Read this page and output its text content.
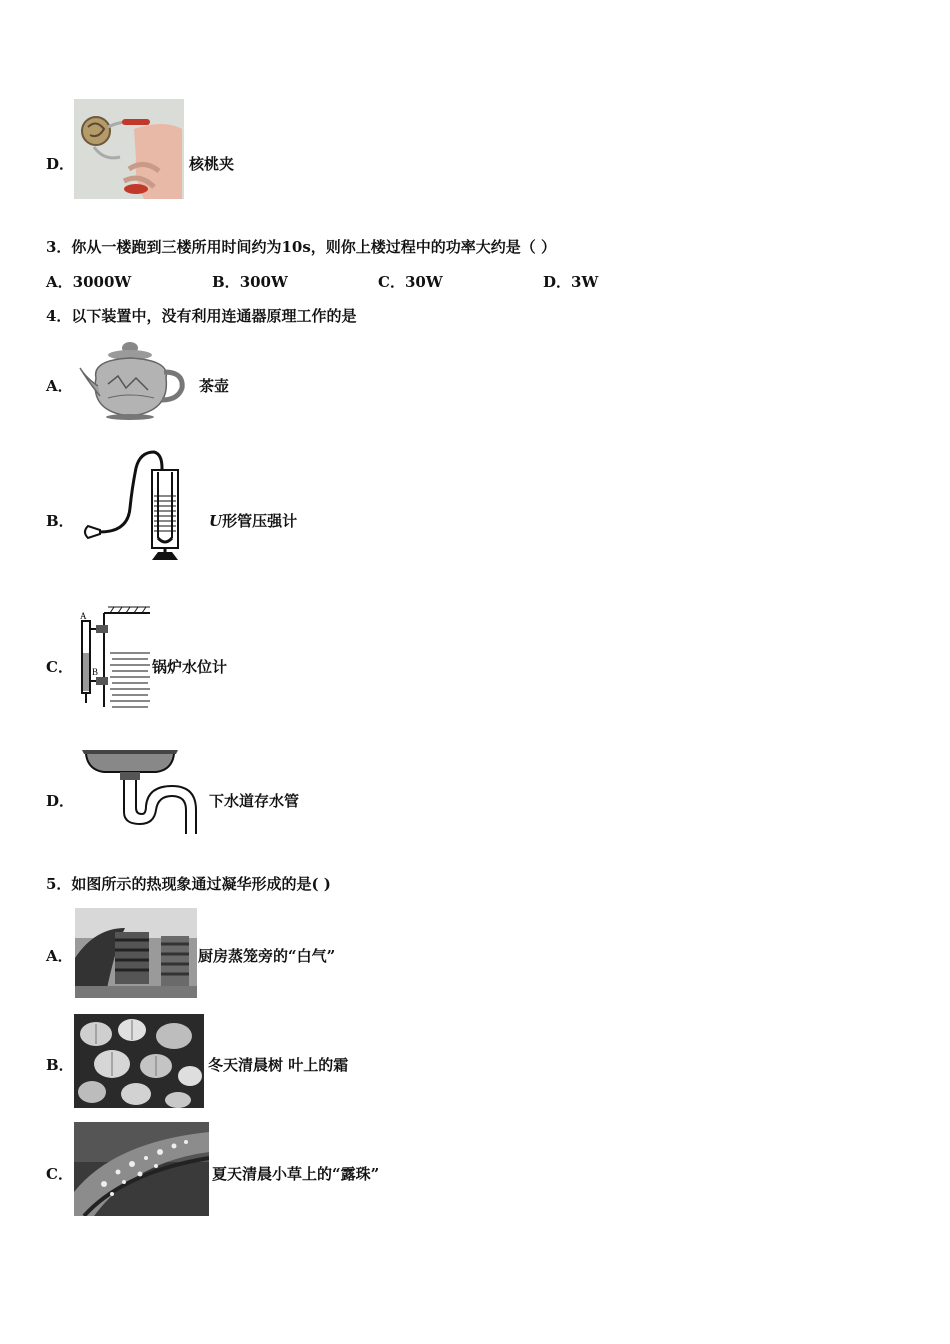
D．	核桃夹
3．你从一楼跑到三楼所用时间约为10s，则你上楼过程中的功率大约是（ ）
A．3000W	B．300W	C．30W	D．3W
4．以下装置中，没有利用连通器原理工作的是
A．	茶壶
B．	U形管压强计
C．
A
B	锅炉水位计
D．	下水道存水管
5．如图所示的热现象通过凝华形成的是( )
A．	厨房蒸笼旁的“白气”
B．	冬天清晨树 叶上的霜
C．	夏天清晨小草上的“露珠”
